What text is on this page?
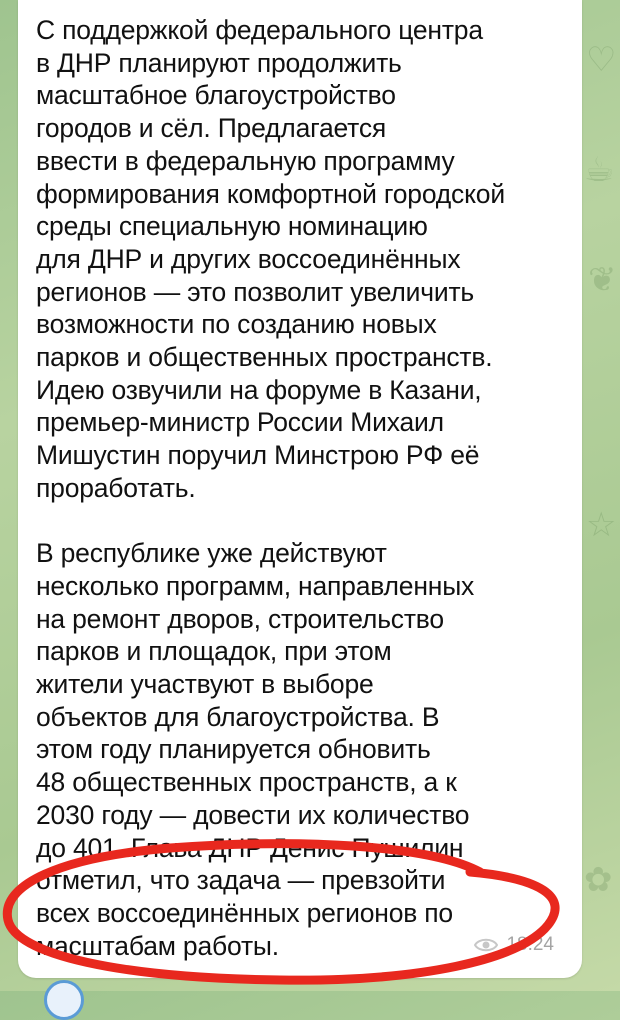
☕
☆
❦
✿
♡

С поддержкой федерального центра
в ДНР планируют продолжить
масштабное благоустройство
городов и сёл. Предлагается
ввести в федеральную программу
формирования комфортной городской
среды специальную номинацию
для ДНР и других воссоединённых
регионов — это позволит увеличить
возможности по созданию новых
парков и общественных пространств.
Идею озвучили на форуме в Казани,
премьер-министр России Михаил
Мишустин поручил Минстрою РФ её
проработать.

В республике уже действуют
несколько программ, направленных
на ремонт дворов, строительство
парков и площадок, при этом
жители участвуют в выборе
объектов для благоустройства. В
этом году планируется обновить
48 общественных пространств, а к
2030 году — довести их количество
до 401. Глава ДНР Денис Пушилин
отметил, что задача — превзойти
всех воссоединённых регионов по
масштабам работы.	18:24
